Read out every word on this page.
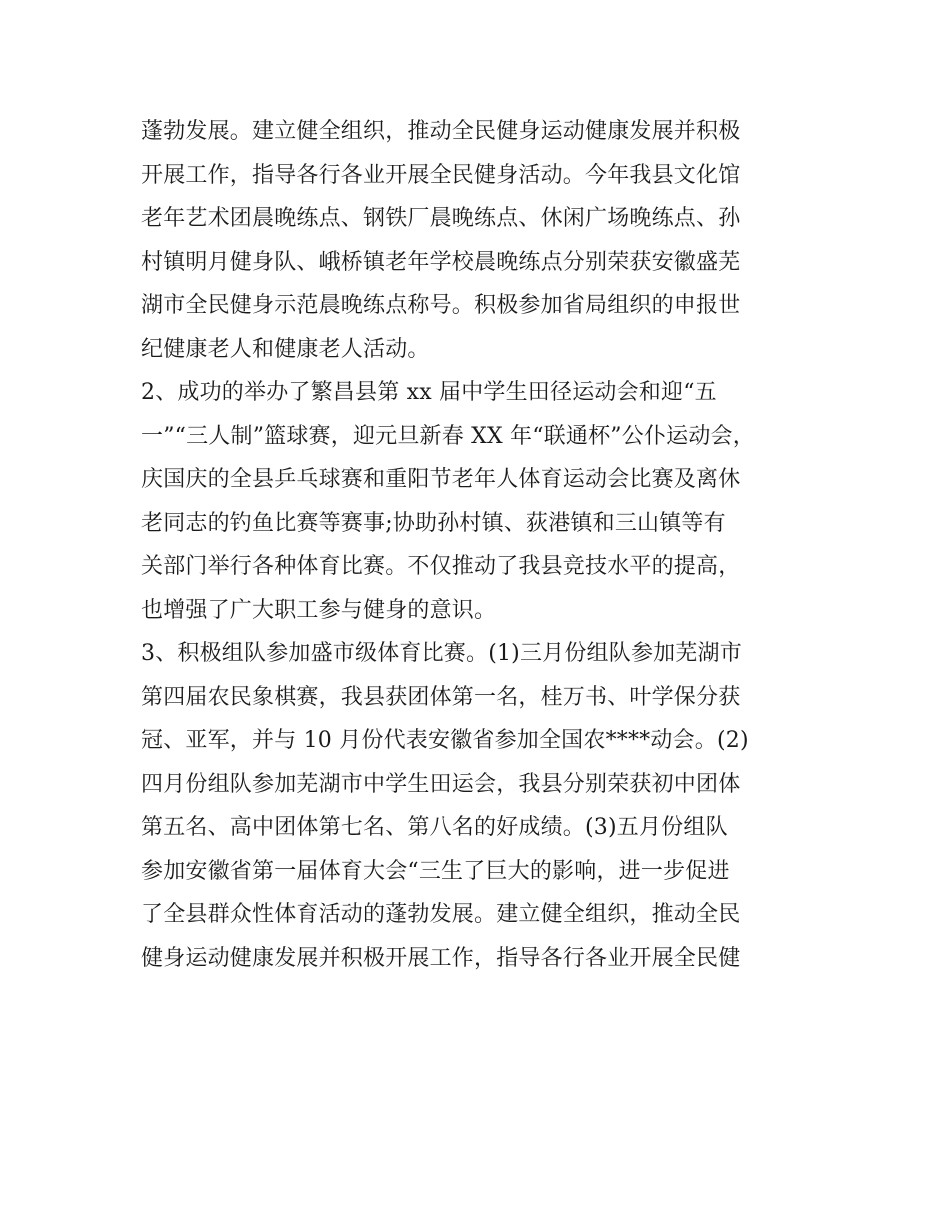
蓬勃发展。建立健全组织，推动全民健身运动健康发展并积极
开展工作，指导各行各业开展全民健身活动。今年我县文化馆
老年艺术团晨晚练点、钢铁厂晨晚练点、休闲广场晚练点、孙
村镇明月健身队、峨桥镇老年学校晨晚练点分别荣获安徽盛芜
湖市全民健身示范晨晚练点称号。积极参加省局组织的申报世
纪健康老人和健康老人活动。
2、成功的举办了繁昌县第 xx 届中学生田径运动会和迎“五
一”“三人制”篮球赛，迎元旦新春 XX 年“联通杯”公仆运动会，
庆国庆的全县乒乓球赛和重阳节老年人体育运动会比赛及离休
老同志的钓鱼比赛等赛事;协助孙村镇、荻港镇和三山镇等有
关部门举行各种体育比赛。不仅推动了我县竞技水平的提高，
也增强了广大职工参与健身的意识。
3、积极组队参加盛市级体育比赛。(1)三月份组队参加芜湖市
第四届农民象棋赛，我县获团体第一名，桂万书、叶学保分获
冠、亚军，并与 10 月份代表安徽省参加全国农****动会。(2)
四月份组队参加芜湖市中学生田运会，我县分别荣获初中团体
第五名、高中团体第七名、第八名的好成绩。(3)五月份组队
参加安徽省第一届体育大会“三生了巨大的影响，进一步促进
了全县群众性体育活动的蓬勃发展。建立健全组织，推动全民
健身运动健康发展并积极开展工作，指导各行各业开展全民健
